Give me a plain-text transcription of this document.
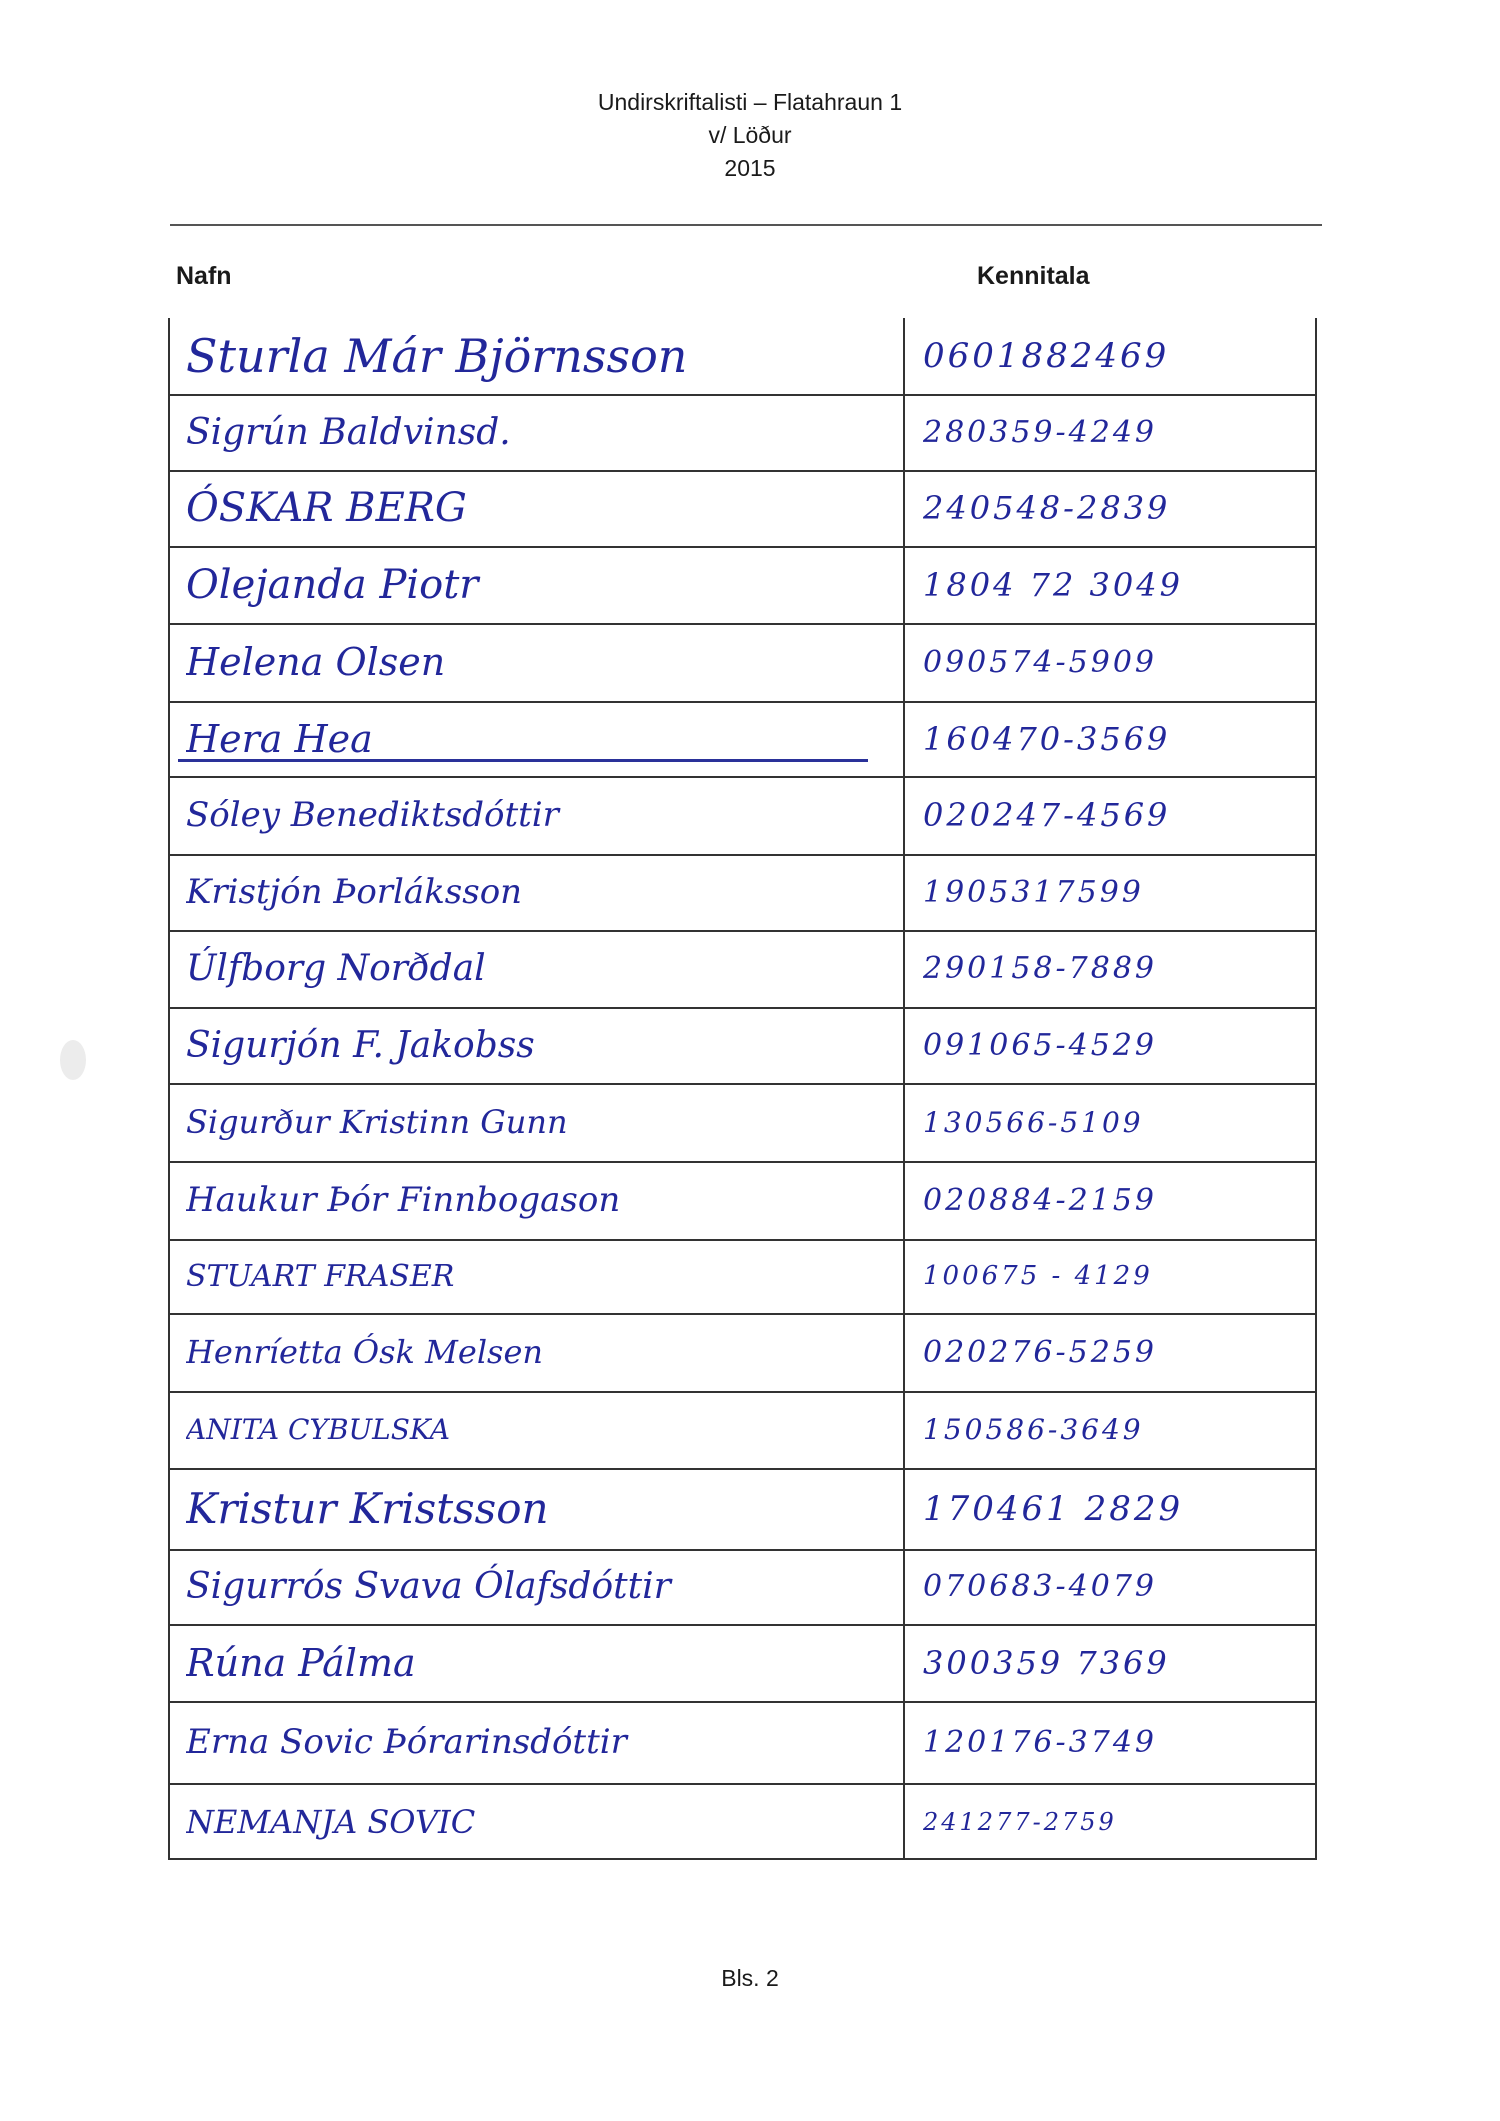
Undirskriftalisti – Flatahraun 1
v/ Löður
2015
Nafn	Kennitala
Sturla Már Björnsson	0601882469
Sigrún Baldvinsd.	280359-4249
ÓSKAR BERG	240548-2839
Olejanda Piotr	1804 72 3049
Helena Olsen	090574-5909
Hera Hea	160470-3569
Sóley Benediktsdóttir	020247-4569
Kristjón Þorláksson	1905317599
Úlfborg Norðdal	290158-7889
Sigurjón F. Jakobss	091065-4529
Sigurður Kristinn Gunn	130566-5109
Haukur Þór Finnbogason	020884-2159
STUART FRASER	100675 - 4129
Henríetta Ósk Melsen	020276-5259
ANITA CYBULSKA	150586-3649
Kristur Kristsson	170461 2829
Sigurrós Svava Ólafsdóttir	070683-4079
Rúna Pálma	300359 7369
Erna Sovic Þórarinsdóttir	120176-3749
NEMANJA SOVIC	241277-2759
Bls. 2
